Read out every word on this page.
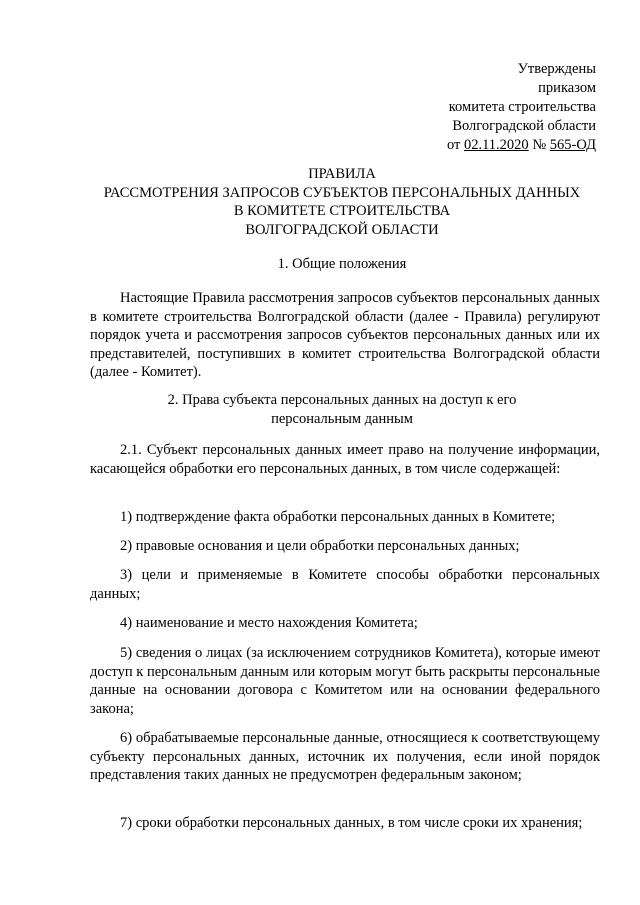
Утверждены
приказом
комитета строительства
Волгоградской области
от 02.11.2020 № 565-ОД
ПРАВИЛА
РАССМОТРЕНИЯ ЗАПРОСОВ СУБЪЕКТОВ ПЕРСОНАЛЬНЫХ ДАННЫХ
В КОМИТЕТЕ СТРОИТЕЛЬСТВА
ВОЛГОГРАДСКОЙ ОБЛАСТИ
1. Общие положения
Настоящие Правила рассмотрения запросов субъектов персональных данных в комитете строительства Волгоградской области (далее - Правила) регулируют порядок учета и рассмотрения запросов субъектов персональных данных или их представителей, поступивших в комитет строительства Волгоградской области (далее - Комитет).
2. Права субъекта персональных данных на доступ к его
персональным данным
2.1. Субъект персональных данных имеет право на получение информации, касающейся обработки его персональных данных, в том числе содержащей:
1) подтверждение факта обработки персональных данных в Комитете;
2) правовые основания и цели обработки персональных данных;
3) цели и применяемые в Комитете способы обработки персональных данных;
4) наименование и место нахождения Комитета;
5) сведения о лицах (за исключением сотрудников Комитета), которые имеют доступ к персональным данным или которым могут быть раскрыты персональные данные на основании договора с Комитетом или на основании федерального закона;
6) обрабатываемые персональные данные, относящиеся к соответствующему субъекту персональных данных, источник их получения, если иной порядок представления таких данных не предусмотрен федеральным законом;
7) сроки обработки персональных данных, в том числе сроки их хранения;
